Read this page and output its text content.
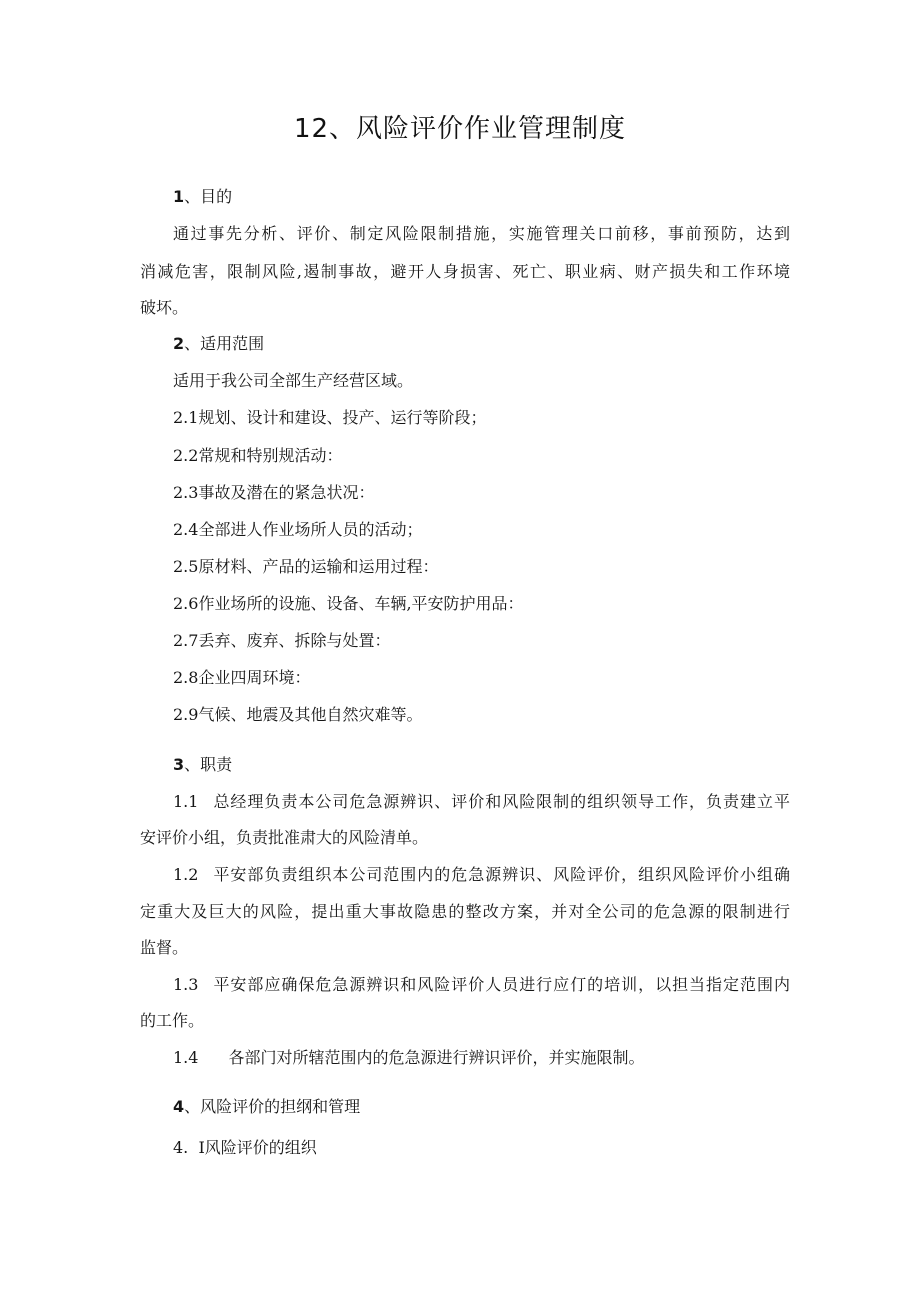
12、风险评价作业管理制度
1、目的
通过事先分析、评价、制定风险限制措施，实施管理关口前移，事前预防，达到
消减危害，限制风险,遏制事故，避开人身损害、死亡、职业病、财产损失和工作环境
破坏。
2、适用范围
适用于我公司全部生产经营区域。
2.1规划、设计和建设、投产、运行等阶段；
2.2常规和特别规活动：
2.3事故及潜在的紧急状况：
2.4全部进人作业场所人员的活动；
2.5原材料、产品的运输和运用过程：
2.6作业场所的设施、设备、车辆,平安防护用品：
2.7丢弃、废弃、拆除与处置：
2.8企业四周环境：
2.9气候、地震及其他自然灾难等。
3、职责
1.1 总经理负责本公司危急源辨识、评价和风险限制的组织领导工作，负责建立平
安评价小组，负责批准肃大的风险清单。
1.2 平安部负责组织本公司范围内的危急源辨识、风险评价，组织风险评价小组确
定重大及巨大的风险，提出重大事故隐患的整改方案，并对全公司的危急源的限制进行
监督。
1.3 平安部应确保危急源辨识和风险评价人员进行应仃的培训，以担当指定范围内
的工作。
1.4 各部门对所辖范围内的危急源进行辨识评价，并实施限制。
4、风险评价的担纲和管理
4.  I风险评价的组织
